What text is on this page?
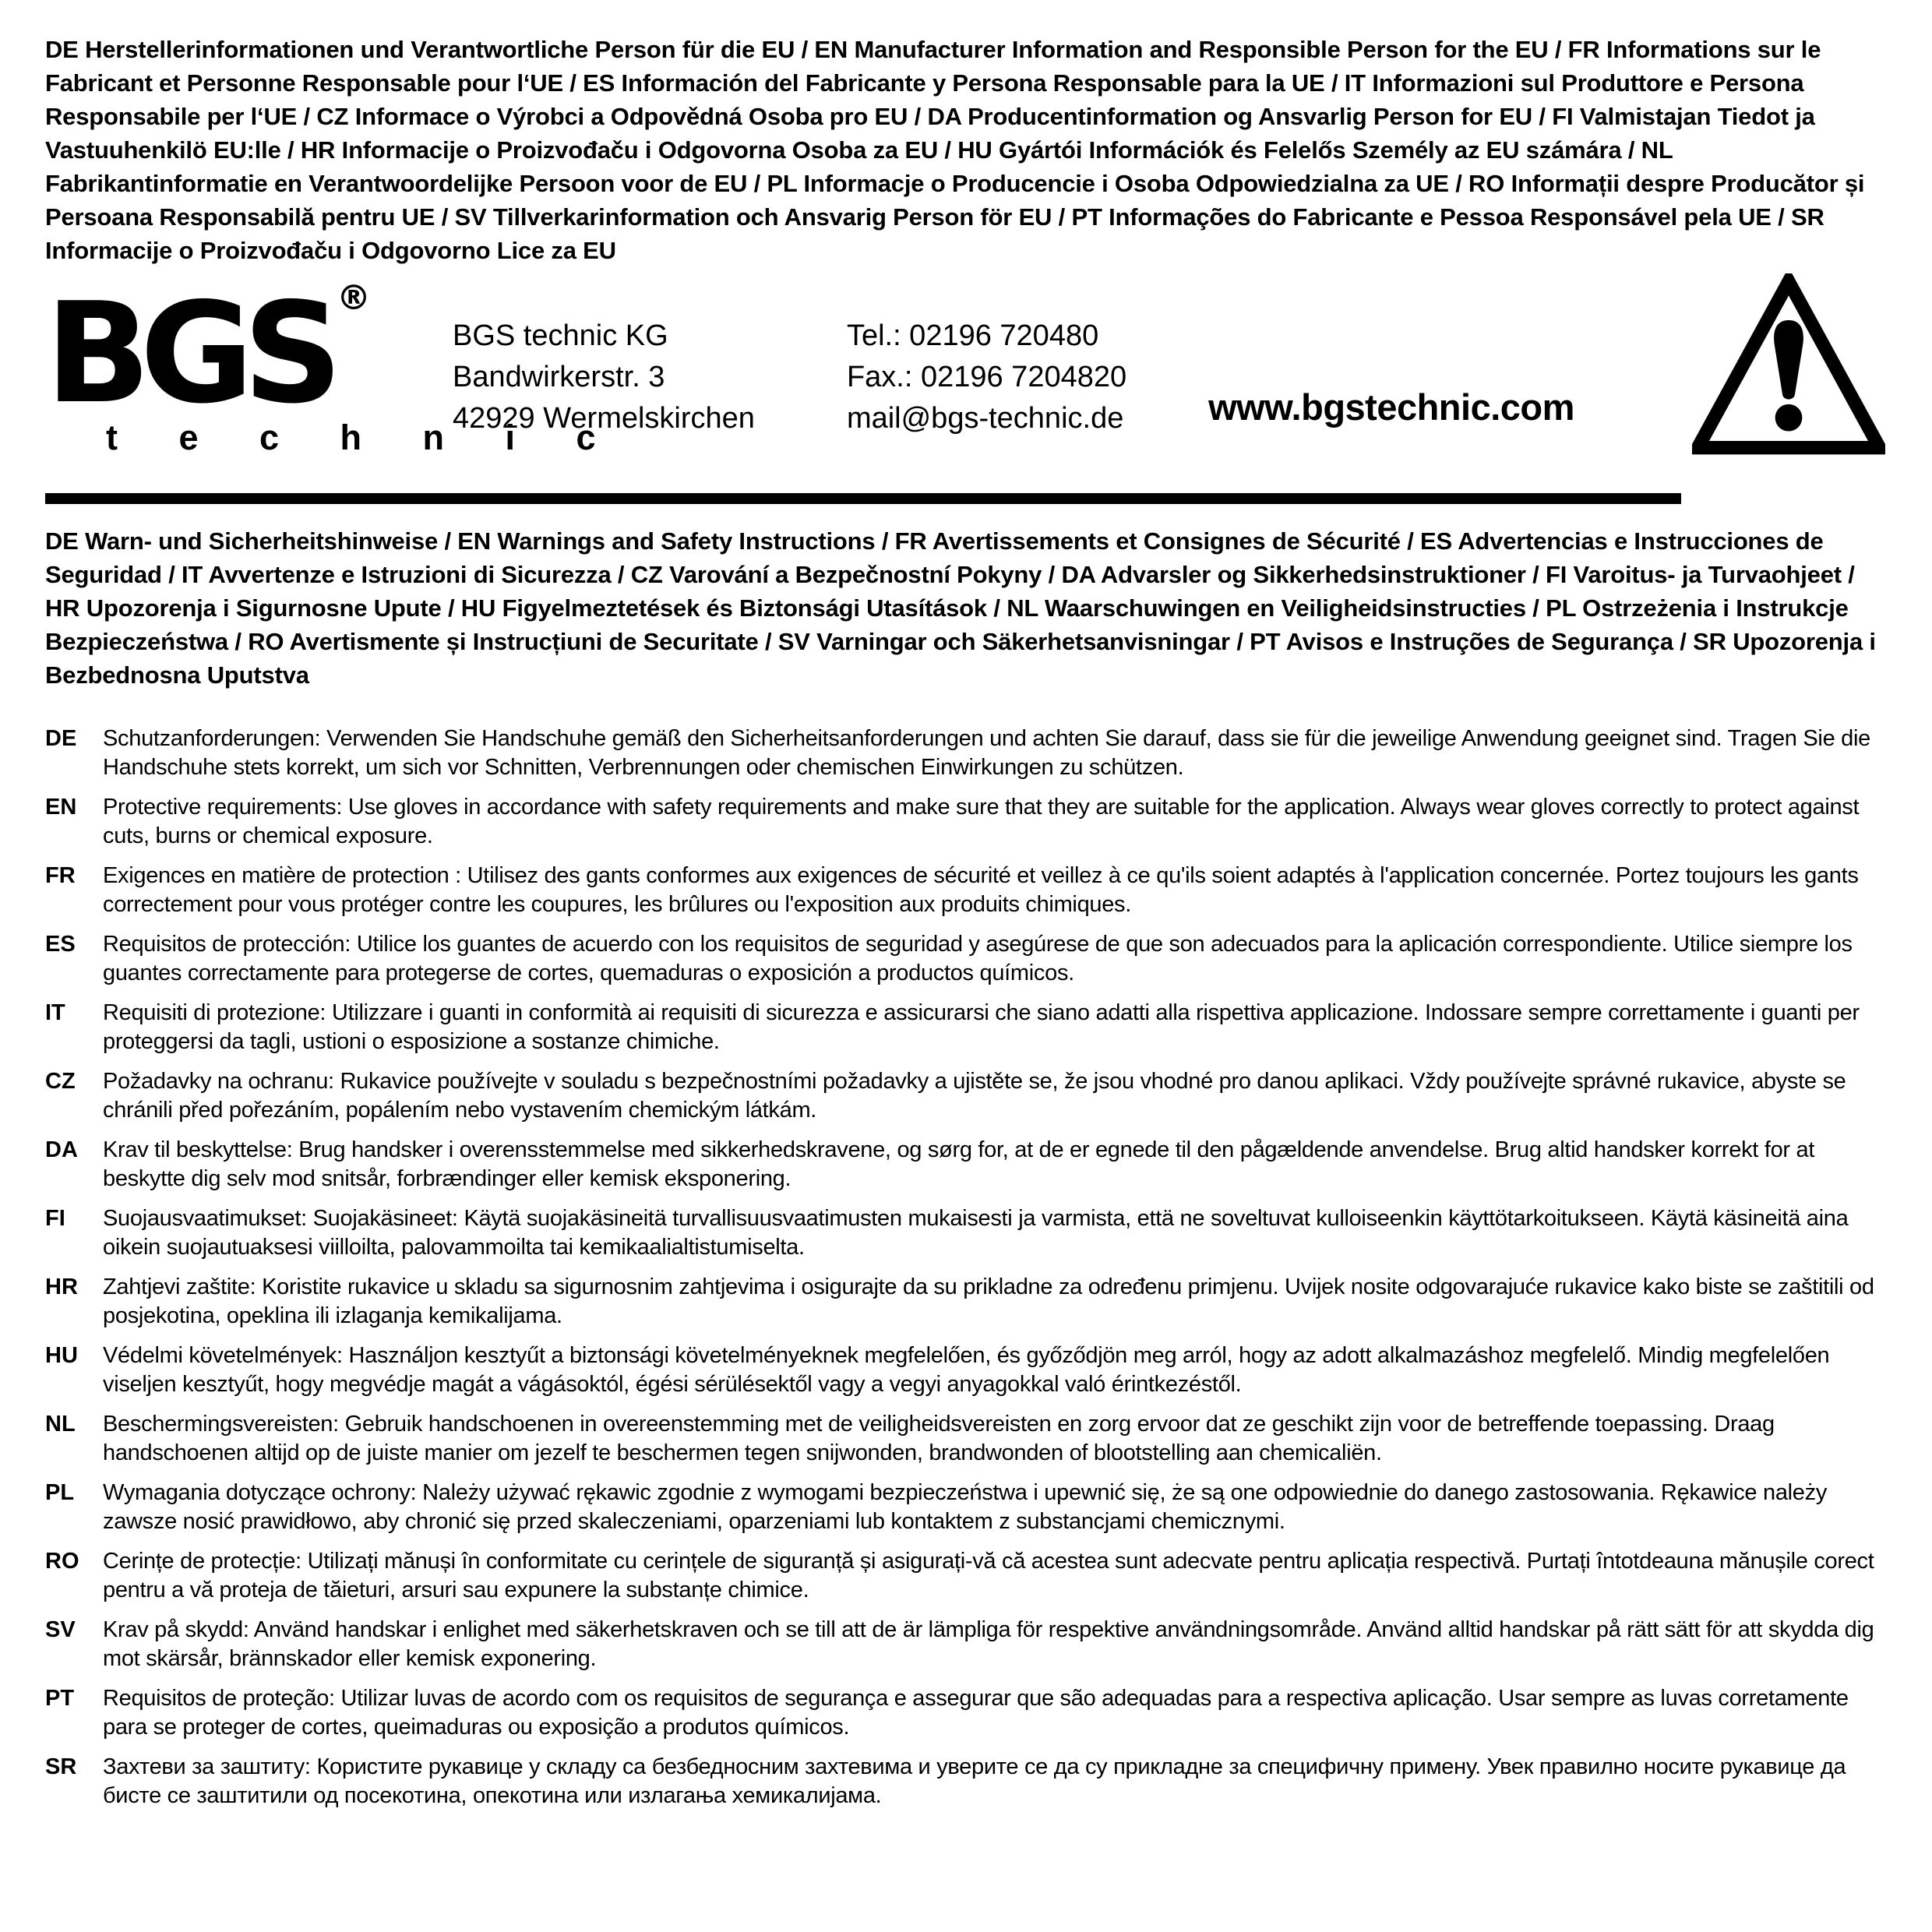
DE Herstellerinformationen und Verantwortliche Person für die EU / EN Manufacturer Information and Responsible Person for the EU / FR Informations sur le Fabricant et Personne Responsable pour l‘UE / ES Información del Fabricante y Persona Responsable para la UE / IT Informazioni sul Produttore e Persona Responsabile per l‘UE / CZ Informace o Výrobci a Odpovědná Osoba pro EU / DA Producentinformation og Ansvarlig Person for EU / FI Valmistajan Tiedot ja Vastuuhenkilö EU:lle / HR Informacije o Proizvođaču i Odgovorna Osoba za EU / HU Gyártói Információk és Felelős Személy az EU számára / NL Fabrikantinformatie en Verantwoordelijke Persoon voor de EU / PL Informacje o Producencie i Osoba Odpowiedzialna za UE / RO Informații despre Producător și Persoana Responsabilă pentru UE / SV Tillverkarinformation och Ansvarig Person för EU / PT Informações do Fabricante e Pessoa Responsável pela UE / SR Informacije o Proizvođaču i Odgovorno Lice za EU

BGS ®
t e c h n i c
BGS technic KG
Bandwirkerstr. 3
42929 Wermelskirchen
Tel.: 02196 720480
Fax.: 02196 7204820
mail@bgs-technic.de www.bgstechnic.com

DE Warn- und Sicherheitshinweise / EN Warnings and Safety Instructions / FR Avertissements et Consignes de Sécurité / ES Advertencias e Instrucciones de Seguridad / IT Avvertenze e Istruzioni di Sicurezza / CZ Varování a Bezpečnostní Pokyny / DA Advarsler og Sikkerhedsinstruktioner / FI Varoitus- ja Turvaohjeet / HR Upozorenja i Sigurnosne Upute / HU Figyelmeztetések és Biztonsági Utasítások / NL Waarschuwingen en Veiligheidsinstructies / PL Ostrzeżenia i Instrukcje Bezpieczeństwa / RO Avertismente și Instrucțiuni de Securitate / SV Varningar och Säkerhetsanvisningar / PT Avisos e Instruções de Segurança / SR Upozorenja i Bezbednosna Uputstva

DE	Schutzanforderungen: Verwenden Sie Handschuhe gemäß den Sicherheitsanforderungen und achten Sie darauf, dass sie für die jeweilige Anwendung geeignet sind. Tragen Sie die Handschuhe stets korrekt, um sich vor Schnitten, Verbrennungen oder chemischen Einwirkungen zu schützen.
EN	Protective requirements: Use gloves in accordance with safety requirements and make sure that they are suitable for the application. Always wear gloves correctly to protect against cuts, burns or chemical exposure.
FR	Exigences en matière de protection : Utilisez des gants conformes aux exigences de sécurité et veillez à ce qu'ils soient adaptés à l'application concernée. Portez toujours les gants correctement pour vous protéger contre les coupures, les brûlures ou l'exposition aux produits chimiques.
ES	Requisitos de protección: Utilice los guantes de acuerdo con los requisitos de seguridad y asegúrese de que son adecuados para la aplicación correspondiente. Utilice siempre los guantes correctamente para protegerse de cortes, quemaduras o exposición a productos químicos.
IT	Requisiti di protezione: Utilizzare i guanti in conformità ai requisiti di sicurezza e assicurarsi che siano adatti alla rispettiva applicazione. Indossare sempre correttamente i guanti per proteggersi da tagli, ustioni o esposizione a sostanze chimiche.
CZ	Požadavky na ochranu: Rukavice používejte v souladu s bezpečnostními požadavky a ujistěte se, že jsou vhodné pro danou aplikaci. Vždy používejte správné rukavice, abyste se chránili před pořezáním, popálením nebo vystavením chemickým látkám.
DA	Krav til beskyttelse: Brug handsker i overensstemmelse med sikkerhedskravene, og sørg for, at de er egnede til den pågældende anvendelse. Brug altid handsker korrekt for at beskytte dig selv mod snitsår, forbrændinger eller kemisk eksponering.
FI	Suojausvaatimukset: Suojakäsineet: Käytä suojakäsineitä turvallisuusvaatimusten mukaisesti ja varmista, että ne soveltuvat kulloiseenkin käyttötarkoitukseen. Käytä käsineitä aina oikein suojautuaksesi viilloilta, palovammoilta tai kemikaalialtistumiselta.
HR	Zahtjevi zaštite: Koristite rukavice u skladu sa sigurnosnim zahtjevima i osigurajte da su prikladne za određenu primjenu. Uvijek nosite odgovarajuće rukavice kako biste se zaštitili od posjekotina, opeklina ili izlaganja kemikalijama.
HU	Védelmi követelmények: Használjon kesztyűt a biztonsági követelményeknek megfelelően, és győződjön meg arról, hogy az adott alkalmazáshoz megfelelő. Mindig megfelelően viseljen kesztyűt, hogy megvédje magát a vágásoktól, égési sérülésektől vagy a vegyi anyagokkal való érintkezéstől.
NL	Beschermingsvereisten: Gebruik handschoenen in overeenstemming met de veiligheidsvereisten en zorg ervoor dat ze geschikt zijn voor de betreffende toepassing. Draag handschoenen altijd op de juiste manier om jezelf te beschermen tegen snijwonden, brandwonden of blootstelling aan chemicaliën.
PL	Wymagania dotyczące ochrony: Należy używać rękawic zgodnie z wymogami bezpieczeństwa i upewnić się, że są one odpowiednie do danego zastosowania. Rękawice należy zawsze nosić prawidłowo, aby chronić się przed skaleczeniami, oparzeniami lub kontaktem z substancjami chemicznymi.
RO	Cerințe de protecție: Utilizați mănuși în conformitate cu cerințele de siguranță și asigurați-vă că acestea sunt adecvate pentru aplicația respectivă. Purtați întotdeauna mănușile corect pentru a vă proteja de tăieturi, arsuri sau expunere la substanțe chimice.
SV	Krav på skydd: Använd handskar i enlighet med säkerhetskraven och se till att de är lämpliga för respektive användningsområde. Använd alltid handskar på rätt sätt för att skydda dig mot skärsår, brännskador eller kemisk exponering.
PT	Requisitos de proteção: Utilizar luvas de acordo com os requisitos de segurança e assegurar que são adequadas para a respectiva aplicação. Usar sempre as luvas corretamente para se proteger de cortes, queimaduras ou exposição a produtos químicos.
SR	Захтеви за заштиту: Користите рукавице у складу са безбедносним захтевима и уверите се да су прикладне за специфичну примену. Увек правилно носите рукавице да бисте се заштитили од посекотина, опекотина или излагања хемикалијама.
